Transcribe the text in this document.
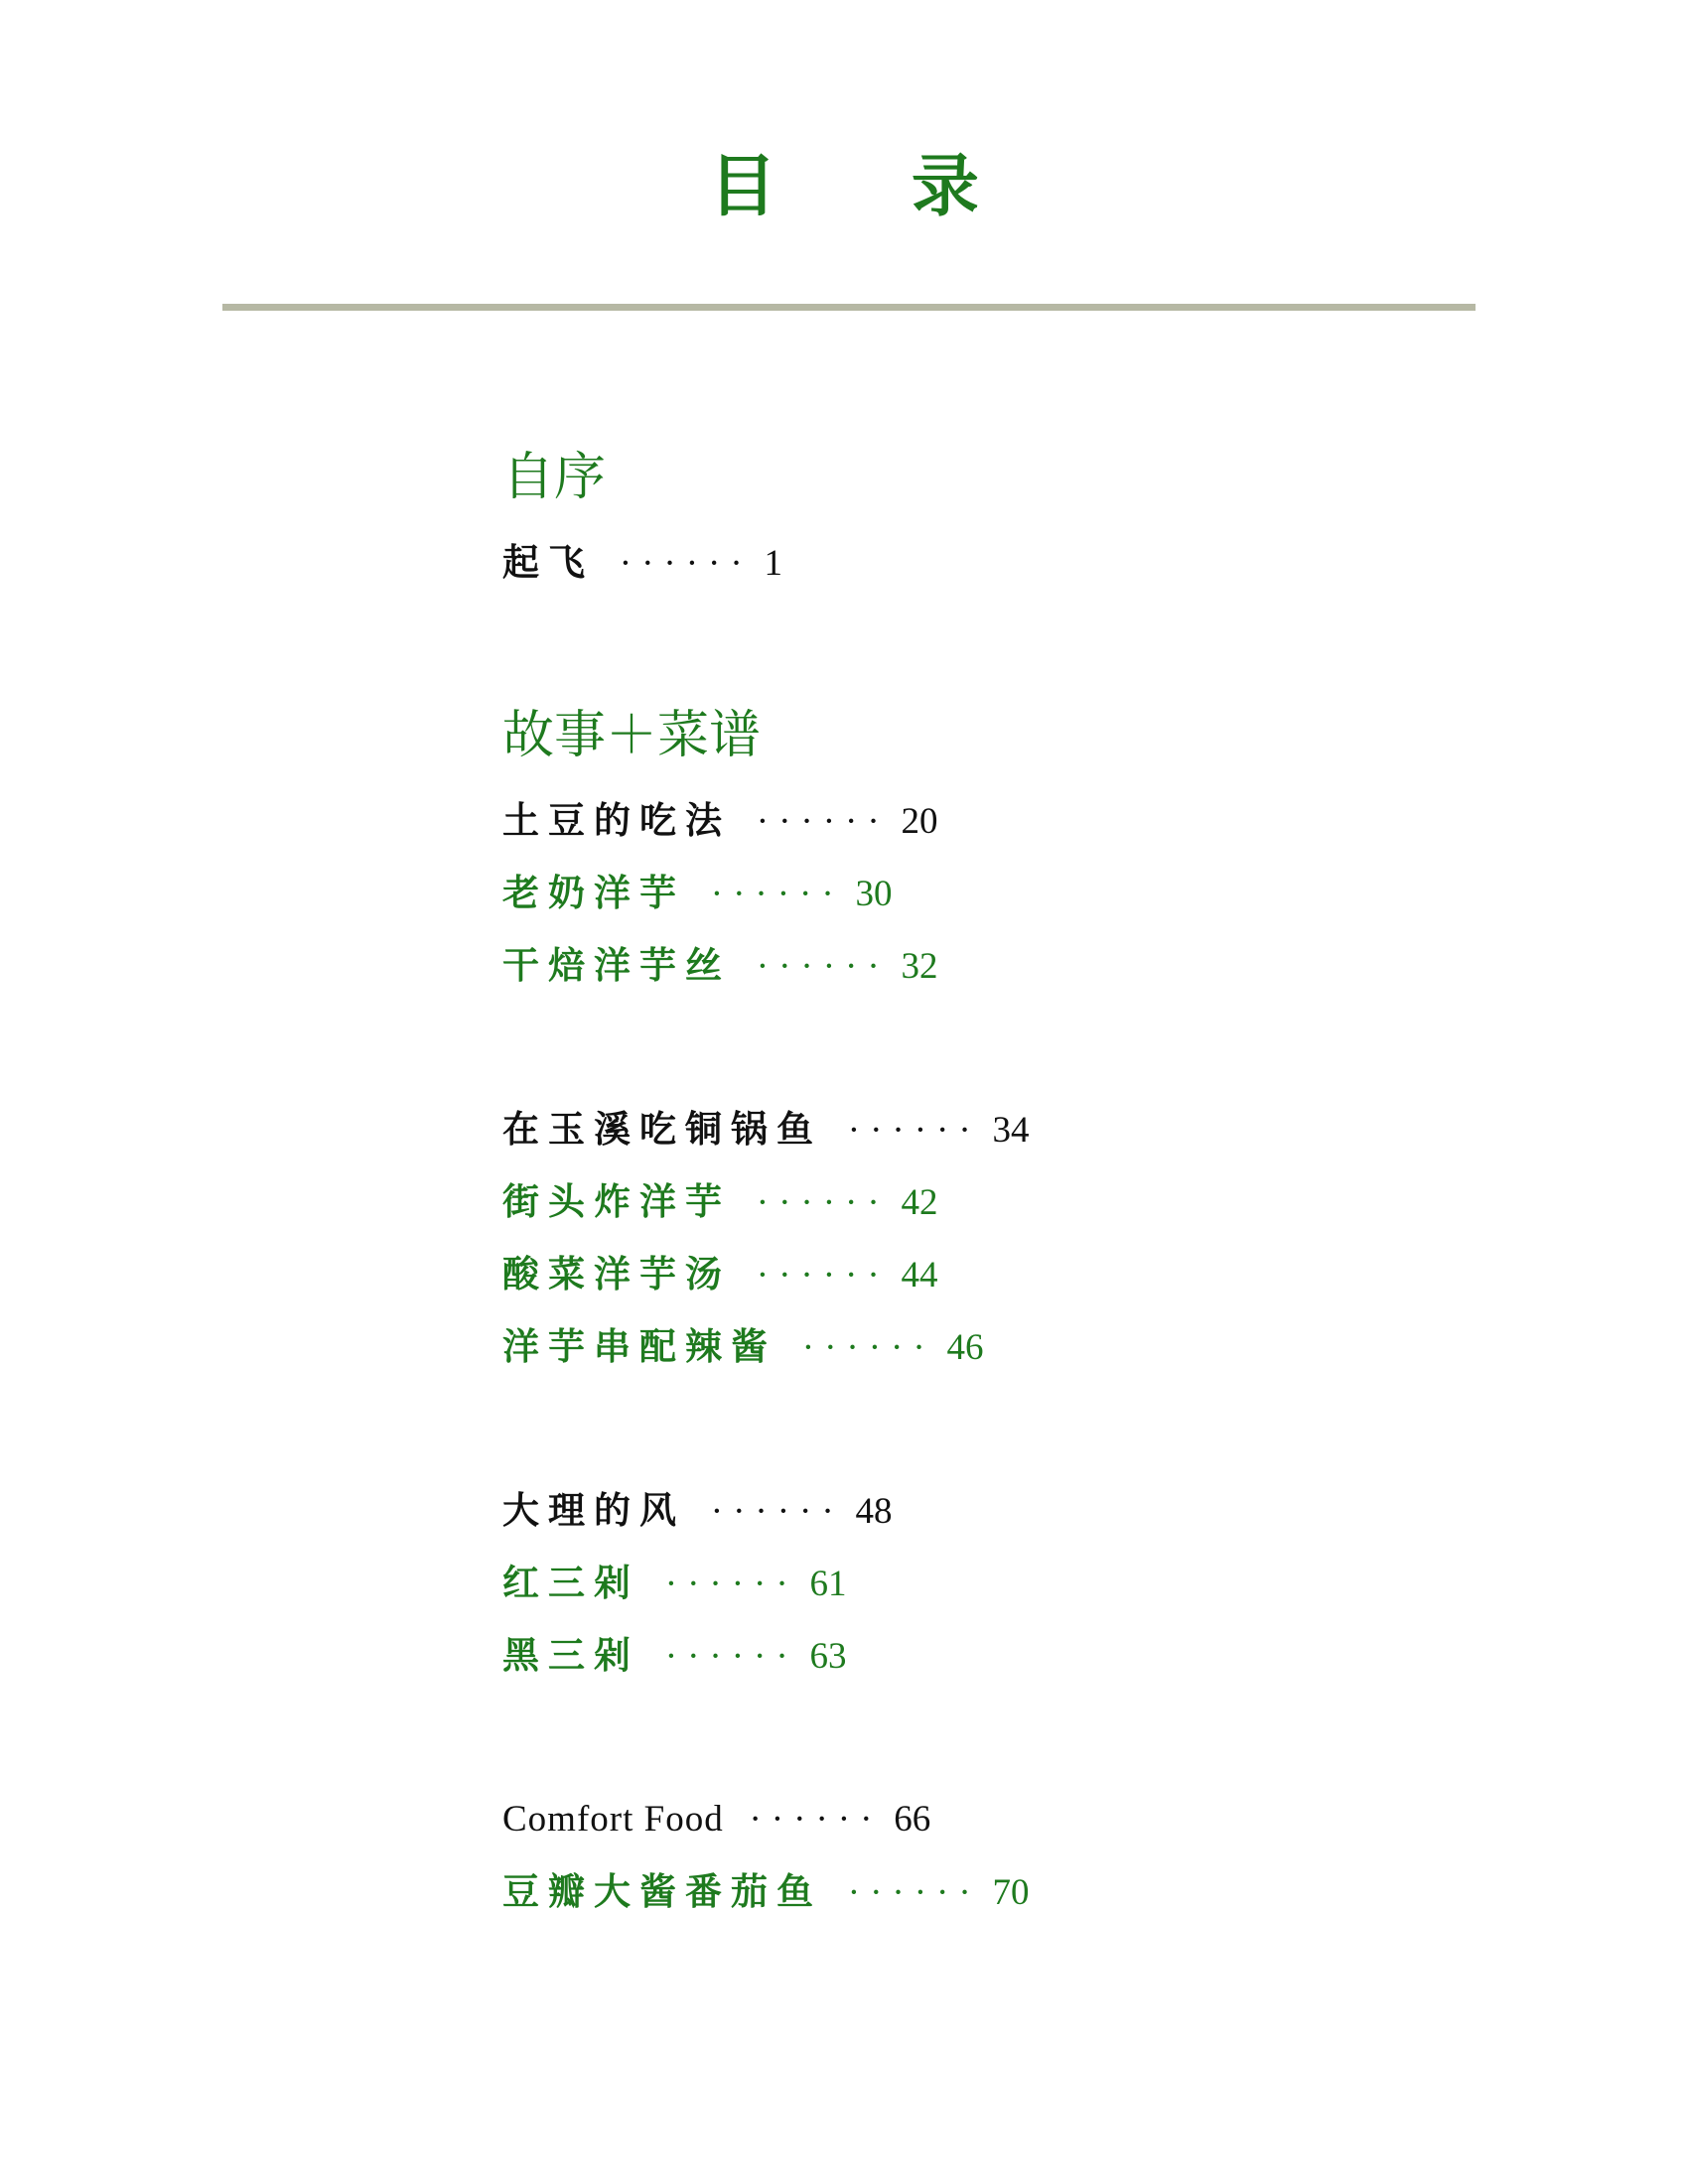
目 录
自序
起飞 ······ 1
故事＋菜谱
土豆的吃法 ······ 20
老奶洋芋 ······ 30
干焙洋芋丝 ······ 32
在玉溪吃铜锅鱼 ······ 34
街头炸洋芋 ······ 42
酸菜洋芋汤 ······ 44
洋芋串配辣酱 ······ 46
大理的风 ······ 48
红三剁 ······ 61
黑三剁 ······ 63
Comfort Food ······ 66
豆瓣大酱番茄鱼 ······ 70
